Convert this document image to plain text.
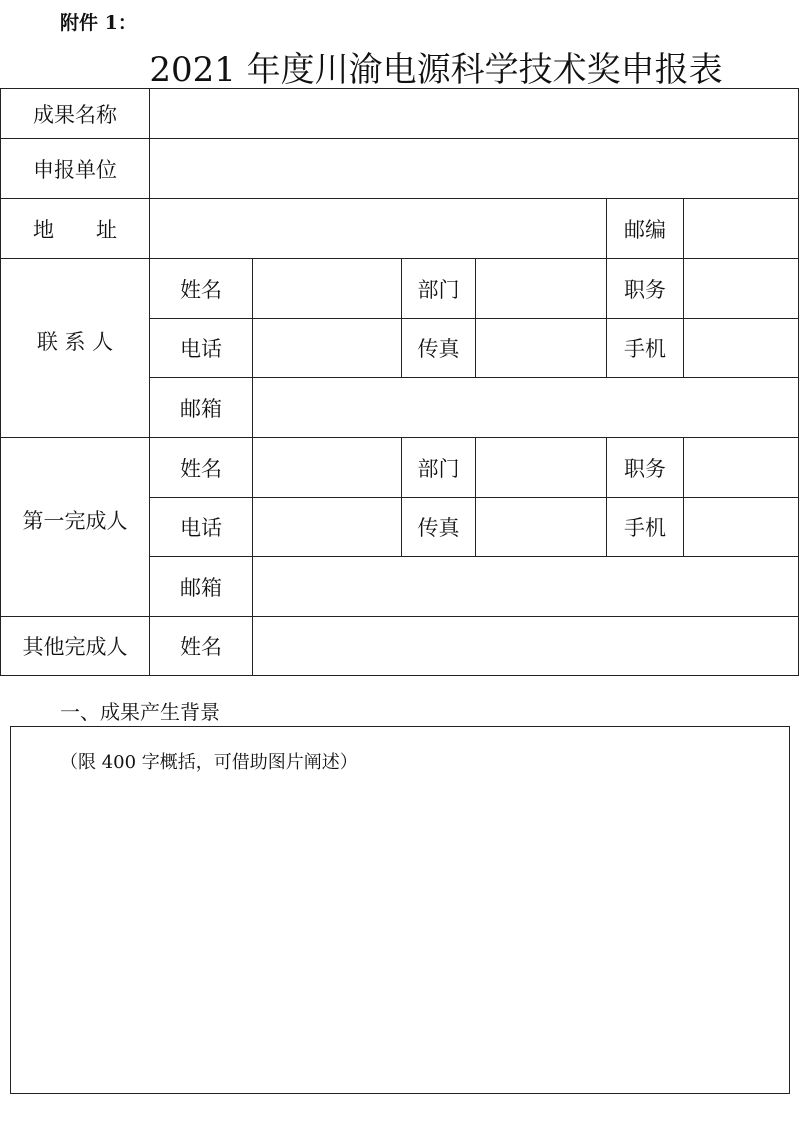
附件 1：
2021 年度川渝电源科学技术奖申报表
成果名称
申报单位
地　　址	邮编
联 系 人
姓名	部门	职务
电话	传真	手机
邮箱
第一完成人
姓名	部门	职务
电话	传真	手机
邮箱
其他完成人	姓名
一、成果产生背景
（限 400 字概括，可借助图片阐述）
